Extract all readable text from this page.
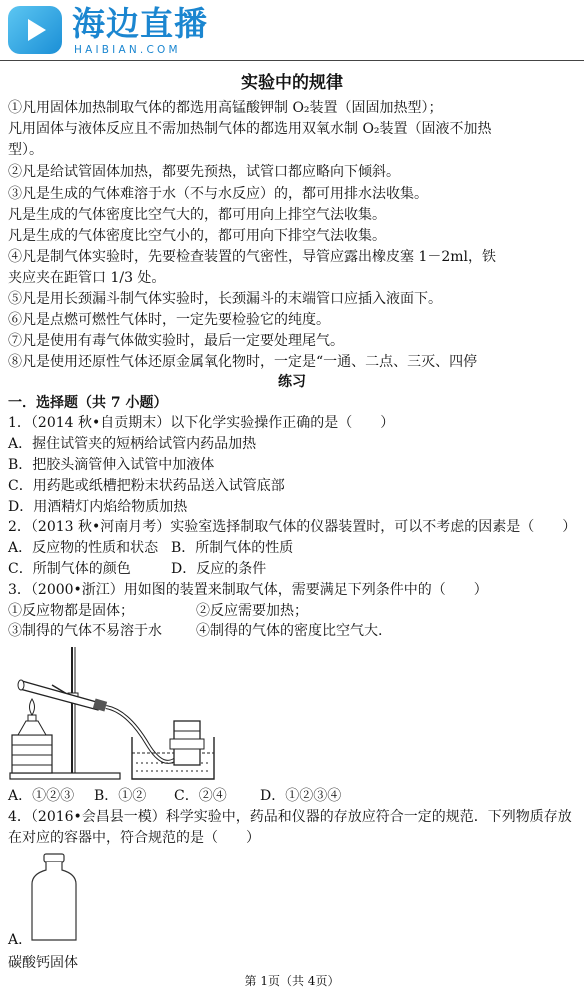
海边直播
HAIBIAN.COM
实验中的规律
①凡用固体加热制取气体的都选用高锰酸钾制 O₂装置（固固加热型）；
凡用固体与液体反应且不需加热制气体的都选用双氧水制 O₂装置（固液不加热
型）。
②凡是给试管固体加热，都要先预热，试管口都应略向下倾斜。
③凡是生成的气体难溶于水（不与水反应）的，都可用排水法收集。
凡是生成的气体密度比空气大的，都可用向上排空气法收集。
凡是生成的气体密度比空气小的，都可用向下排空气法收集。
④凡是制气体实验时，先要检查装置的气密性，导管应露出橡皮塞 1－2ml，铁
夹应夹在距管口 1/3 处。
⑤凡是用长颈漏斗制气体实验时，长颈漏斗的末端管口应插入液面下。
⑥凡是点燃可燃性气体时，一定先要检验它的纯度。
⑦凡是使用有毒气体做实验时，最后一定要处理尾气。
⑧凡是使用还原性气体还原金属氧化物时，一定是“一通、二点、三灭、四停
练习
一．选择题（共 7 小题）
1．（2014 秋•自贡期末）以下化学实验操作正确的是（　　）
A．握住试管夹的短柄给试管内药品加热
B．把胶头滴管伸入试管中加液体
C．用药匙或纸槽把粉末状药品送入试管底部
D．用酒精灯内焰给物质加热
2．（2013 秋•河南月考）实验室选择制取气体的仪器装置时，可以不考虑的因素是（　　）
A．反应物的性质和状态 B．所制气体的性质
C．所制气体的颜色	D．反应的条件
3．（2000•浙江）用如图的装置来制取气体，需要满足下列条件中的（　　）
①反应物都是固体；	②反应需要加热；
③制得的气体不易溶于水 ④制得的气体的密度比空气大.
A．①②③ B．①② C．②④ D．①②③④
4．（2016•会昌县一模）科学实验中，药品和仪器的存放应符合一定的规范．下列物质存放
在对应的容器中，符合规范的是（　　）
A．
碳酸钙固体
第 1页（共 4页）
